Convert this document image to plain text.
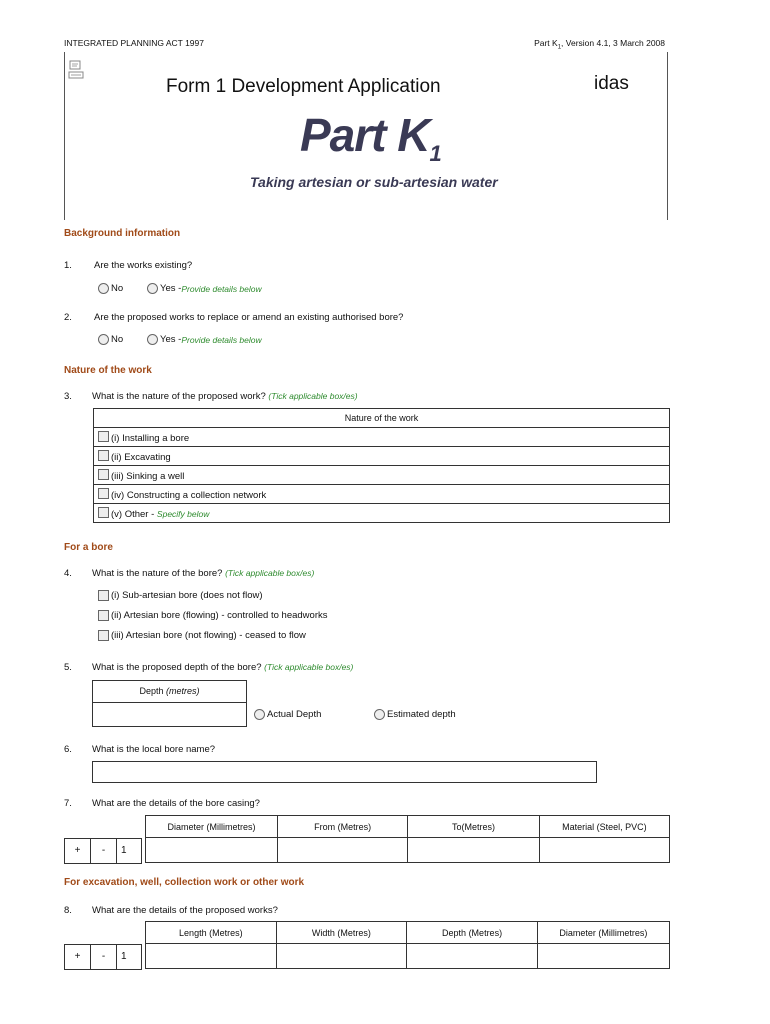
INTEGRATED PLANNING ACT 1997	Part $K_1$, Version 4.1, 3 March 2008
Form 1 Development Application	idas
Part $K_1$
Taking artesian or sub-artesian water
Background information
1. Are the works existing?
No	Yes - Provide details below
2. Are the proposed works to replace or amend an existing authorised bore?
No	Yes - Provide details below
Nature of the work
3. What is the nature of the proposed work? (Tick applicable box/es)
Nature of the work
(i) Installing a bore
(ii) Excavating
(iii) Sinking a well
(iv) Constructing a collection network
(v) Other - Specify below
For a bore
4. What is the nature of the bore? (Tick applicable box/es)
(i) Sub-artesian bore (does not flow)
(ii) Artesian bore (flowing) - controlled to headworks
(iii) Artesian bore (not flowing) - ceased to flow
5. What is the proposed depth of the bore? (Tick applicable box/es)
Depth (metres)
Actual Depth	Estimated depth
6. What is the local bore name?
7. What are the details of the bore casing?
+	-	1
Diameter (Millimetres)	From (Metres)	To(Metres)	Material (Steel, PVC)

For excavation, well, collection work or other work
8. What are the details of the proposed works?
+	-	1
Length (Metres)	Width (Metres)	Depth (Metres)	Diameter (Millimetres)
